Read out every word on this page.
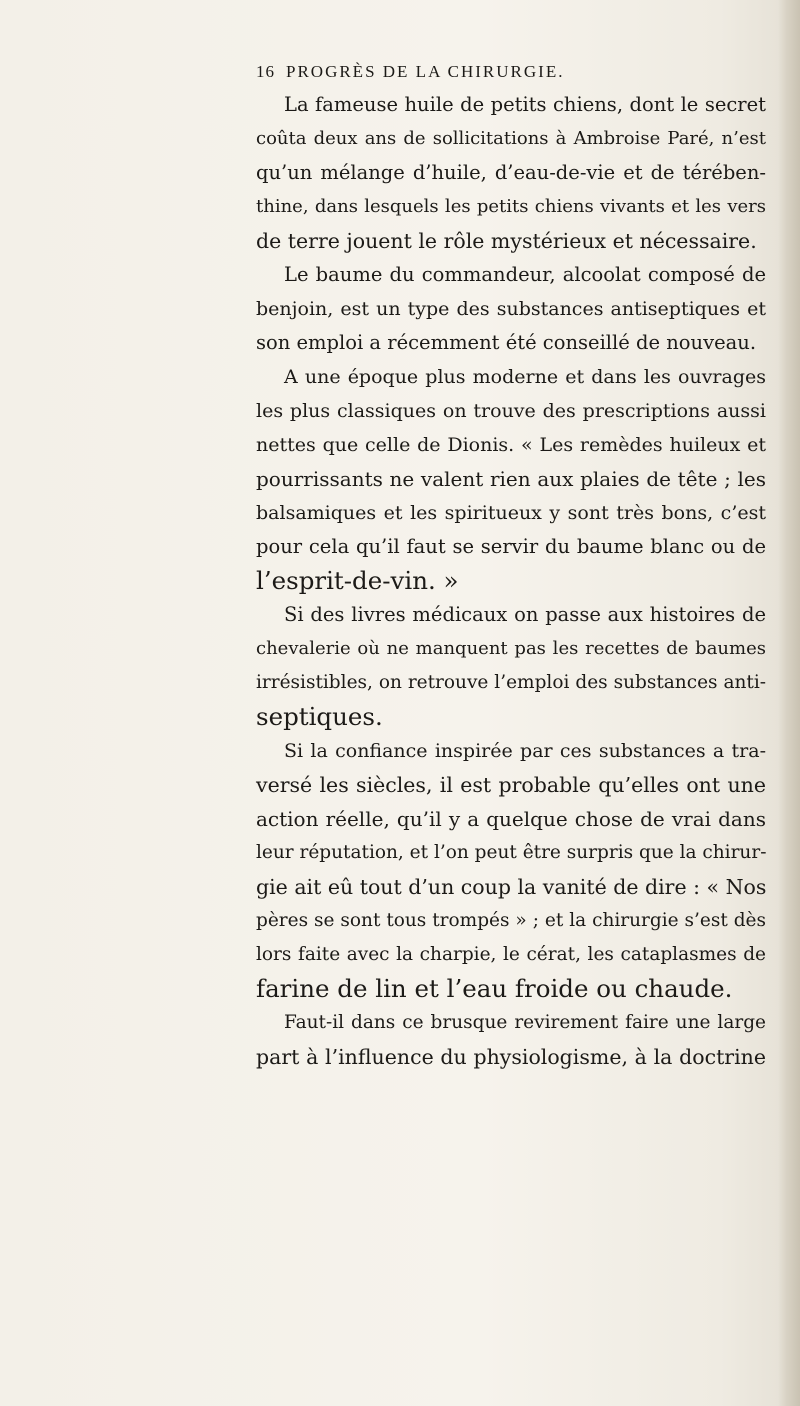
16 PROGRÈS DE LA CHIRURGIE.
La fameuse huile de petits chiens, dont le secret
coûta deux ans de sollicitations à Ambroise Paré, n’est
qu’un mélange d’huile, d’eau-de-vie et de térében-
thine, dans lesquels les petits chiens vivants et les vers
de terre jouent le rôle mystérieux et nécessaire.
Le baume du commandeur, alcoolat composé de
benjoin, est un type des substances antiseptiques et
son emploi a récemment été conseillé de nouveau.
A une époque plus moderne et dans les ouvrages
les plus classiques on trouve des prescriptions aussi
nettes que celle de Dionis. « Les remèdes huileux et
pourrissants ne valent rien aux plaies de tête ; les
balsamiques et les spiritueux y sont très bons, c’est
pour cela qu’il faut se servir du baume blanc ou de
l’esprit-de-vin. »
Si des livres médicaux on passe aux histoires de
chevalerie où ne manquent pas les recettes de baumes
irrésistibles, on retrouve l’emploi des substances anti-
septiques.
Si la confiance inspirée par ces substances a tra-
versé les siècles, il est probable qu’elles ont une
action réelle, qu’il y a quelque chose de vrai dans
leur réputation, et l’on peut être surpris que la chirur-
gie ait eû tout d’un coup la vanité de dire : « Nos
pères se sont tous trompés » ; et la chirurgie s’est dès
lors faite avec la charpie, le cérat, les cataplasmes de
farine de lin et l’eau froide ou chaude.
Faut-il dans ce brusque revirement faire une large
part à l’influence du physiologisme, à la doctrine
